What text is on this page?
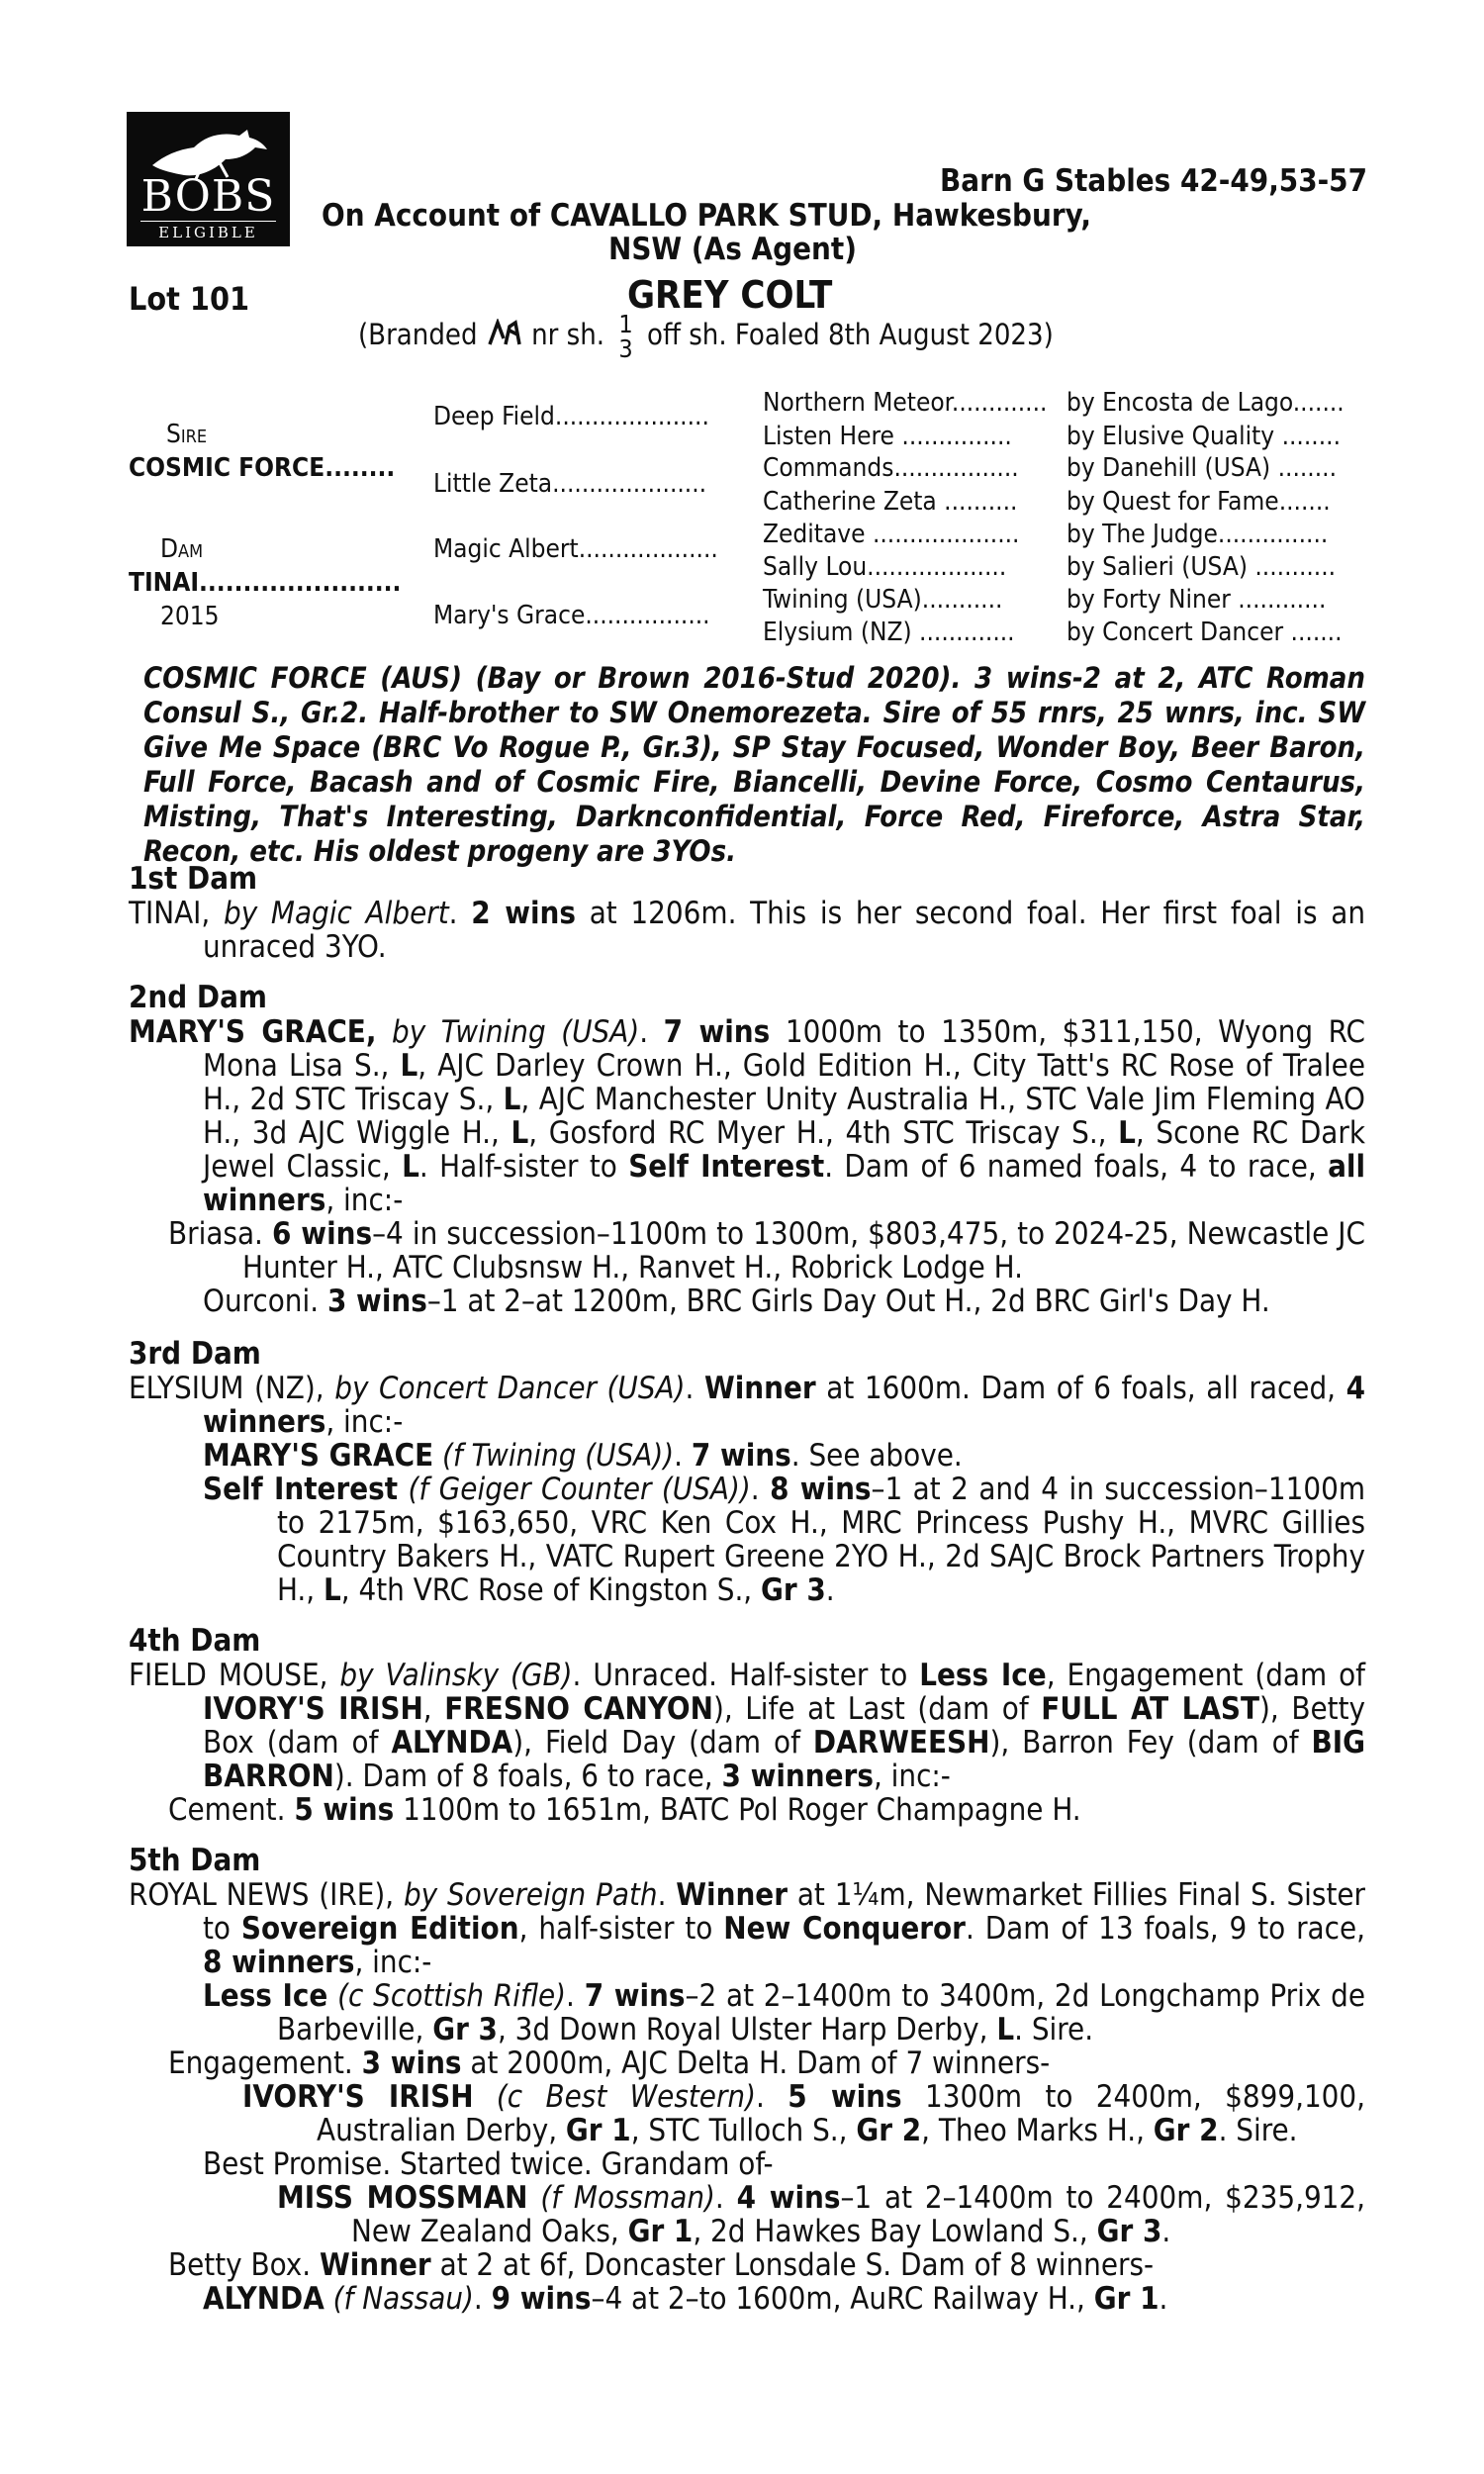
BOBS
ELIGIBLE
Barn G Stables 42-49,53-57
On Account of CAVALLO PARK STUD, Hawkesbury,
NSW (As Agent)
Lot 101	GREY COLT
(Branded nr sh. 1
3 off sh. Foaled 8th August 2023)
Sire
COSMIC FORCE........
Dam
TINAI.......................
2015
Deep Field.....................
Little Zeta.....................
Magic Albert...................
Mary's Grace.................
Northern Meteor.............
Listen Here ...............
Commands.................
Catherine Zeta ..........
Zeditave ....................
Sally Lou...................
Twining (USA)...........
Elysium (NZ) .............
by Encosta de Lago.......
by Elusive Quality ........
by Danehill (USA) ........
by Quest for Fame.......
by The Judge...............
by Salieri (USA) ...........
by Forty Niner ............
by Concert Dancer .......
COSMIC FORCE (AUS) (Bay or Brown 2016-Stud 2020). 3 wins-2 at 2, ATC Roman Consul S., Gr.2. Half-brother to SW Onemorezeta. Sire of 55 rnrs, 25 wnrs, inc. SW Give Me Space (BRC Vo Rogue P., Gr.3), SP Stay Focused, Wonder Boy, Beer Baron, Full Force, Bacash and of Cosmic Fire, Biancelli, Devine Force, Cosmo Centaurus, Misting, That's Interesting, Darknconfidential, Force Red, Fireforce, Astra Star, Recon, etc. His oldest progeny are 3YOs.
1st Dam

TINAI, by Magic Albert. 2 wins at 1206m. This is her second foal. Her first foal is an unraced 3YO.

2nd Dam

MARY'S GRACE, by Twining (USA). 7 wins 1000m to 1350m, $311,150, Wyong RC Mona Lisa S., L, AJC Darley Crown H., Gold Edition H., City Tatt's RC Rose of Tralee H., 2d STC Triscay S., L, AJC Manchester Unity Australia H., STC Vale Jim Fleming AO H., 3d AJC Wiggle H., L, Gosford RC Myer H., 4th STC Triscay S., L, Scone RC Dark Jewel Classic, L. Half-sister to Self Interest. Dam of 6 named foals, 4 to race, all winners, inc:-

Briasa. 6 wins–4 in succession–1100m to 1300m, $803,475, to 2024-25, Newcastle JC Hunter H., ATC Clubsnsw H., Ranvet H., Robrick Lodge H.

Ourconi. 3 wins–1 at 2–at 1200m, BRC Girls Day Out H., 2d BRC Girl's Day H.

3rd Dam

ELYSIUM (NZ), by Concert Dancer (USA). Winner at 1600m. Dam of 6 foals, all raced, 4 winners, inc:-

MARY'S GRACE (f Twining (USA)). 7 wins. See above.

Self Interest (f Geiger Counter (USA)). 8 wins–1 at 2 and 4 in succession–1100m to 2175m, $163,650, VRC Ken Cox H., MRC Princess Pushy H., MVRC Gillies Country Bakers H., VATC Rupert Greene 2YO H., 2d SAJC Brock Partners Trophy H., L, 4th VRC Rose of Kingston S., Gr 3.

4th Dam

FIELD MOUSE, by Valinsky (GB). Unraced. Half-sister to Less Ice, Engagement (dam of IVORY'S IRISH, FRESNO CANYON), Life at Last (dam of FULL AT LAST), Betty Box (dam of ALYNDA), Field Day (dam of DARWEESH), Barron Fey (dam of BIG BARRON). Dam of 8 foals, 6 to race, 3 winners, inc:-

Cement. 5 wins 1100m to 1651m, BATC Pol Roger Champagne H.

5th Dam

ROYAL NEWS (IRE), by Sovereign Path. Winner at 1¼m, Newmarket Fillies Final S. Sister to Sovereign Edition, half-sister to New Conqueror. Dam of 13 foals, 9 to race, 8 winners, inc:-

Less Ice (c Scottish Rifle). 7 wins–2 at 2–1400m to 3400m, 2d Longchamp Prix de Barbeville, Gr 3, 3d Down Royal Ulster Harp Derby, L. Sire.

Engagement. 3 wins at 2000m, AJC Delta H. Dam of 7 winners-

IVORY'S IRISH (c Best Western). 5 wins 1300m to 2400m, $899,100, Australian Derby, Gr 1, STC Tulloch S., Gr 2, Theo Marks H., Gr 2. Sire.

Best Promise. Started twice. Grandam of-

MISS MOSSMAN (f Mossman). 4 wins–1 at 2–1400m to 2400m, $235,912, New Zealand Oaks, Gr 1, 2d Hawkes Bay Lowland S., Gr 3.

Betty Box. Winner at 2 at 6f, Doncaster Lonsdale S. Dam of 8 winners-

ALYNDA (f Nassau). 9 wins–4 at 2–to 1600m, AuRC Railway H., Gr 1.
